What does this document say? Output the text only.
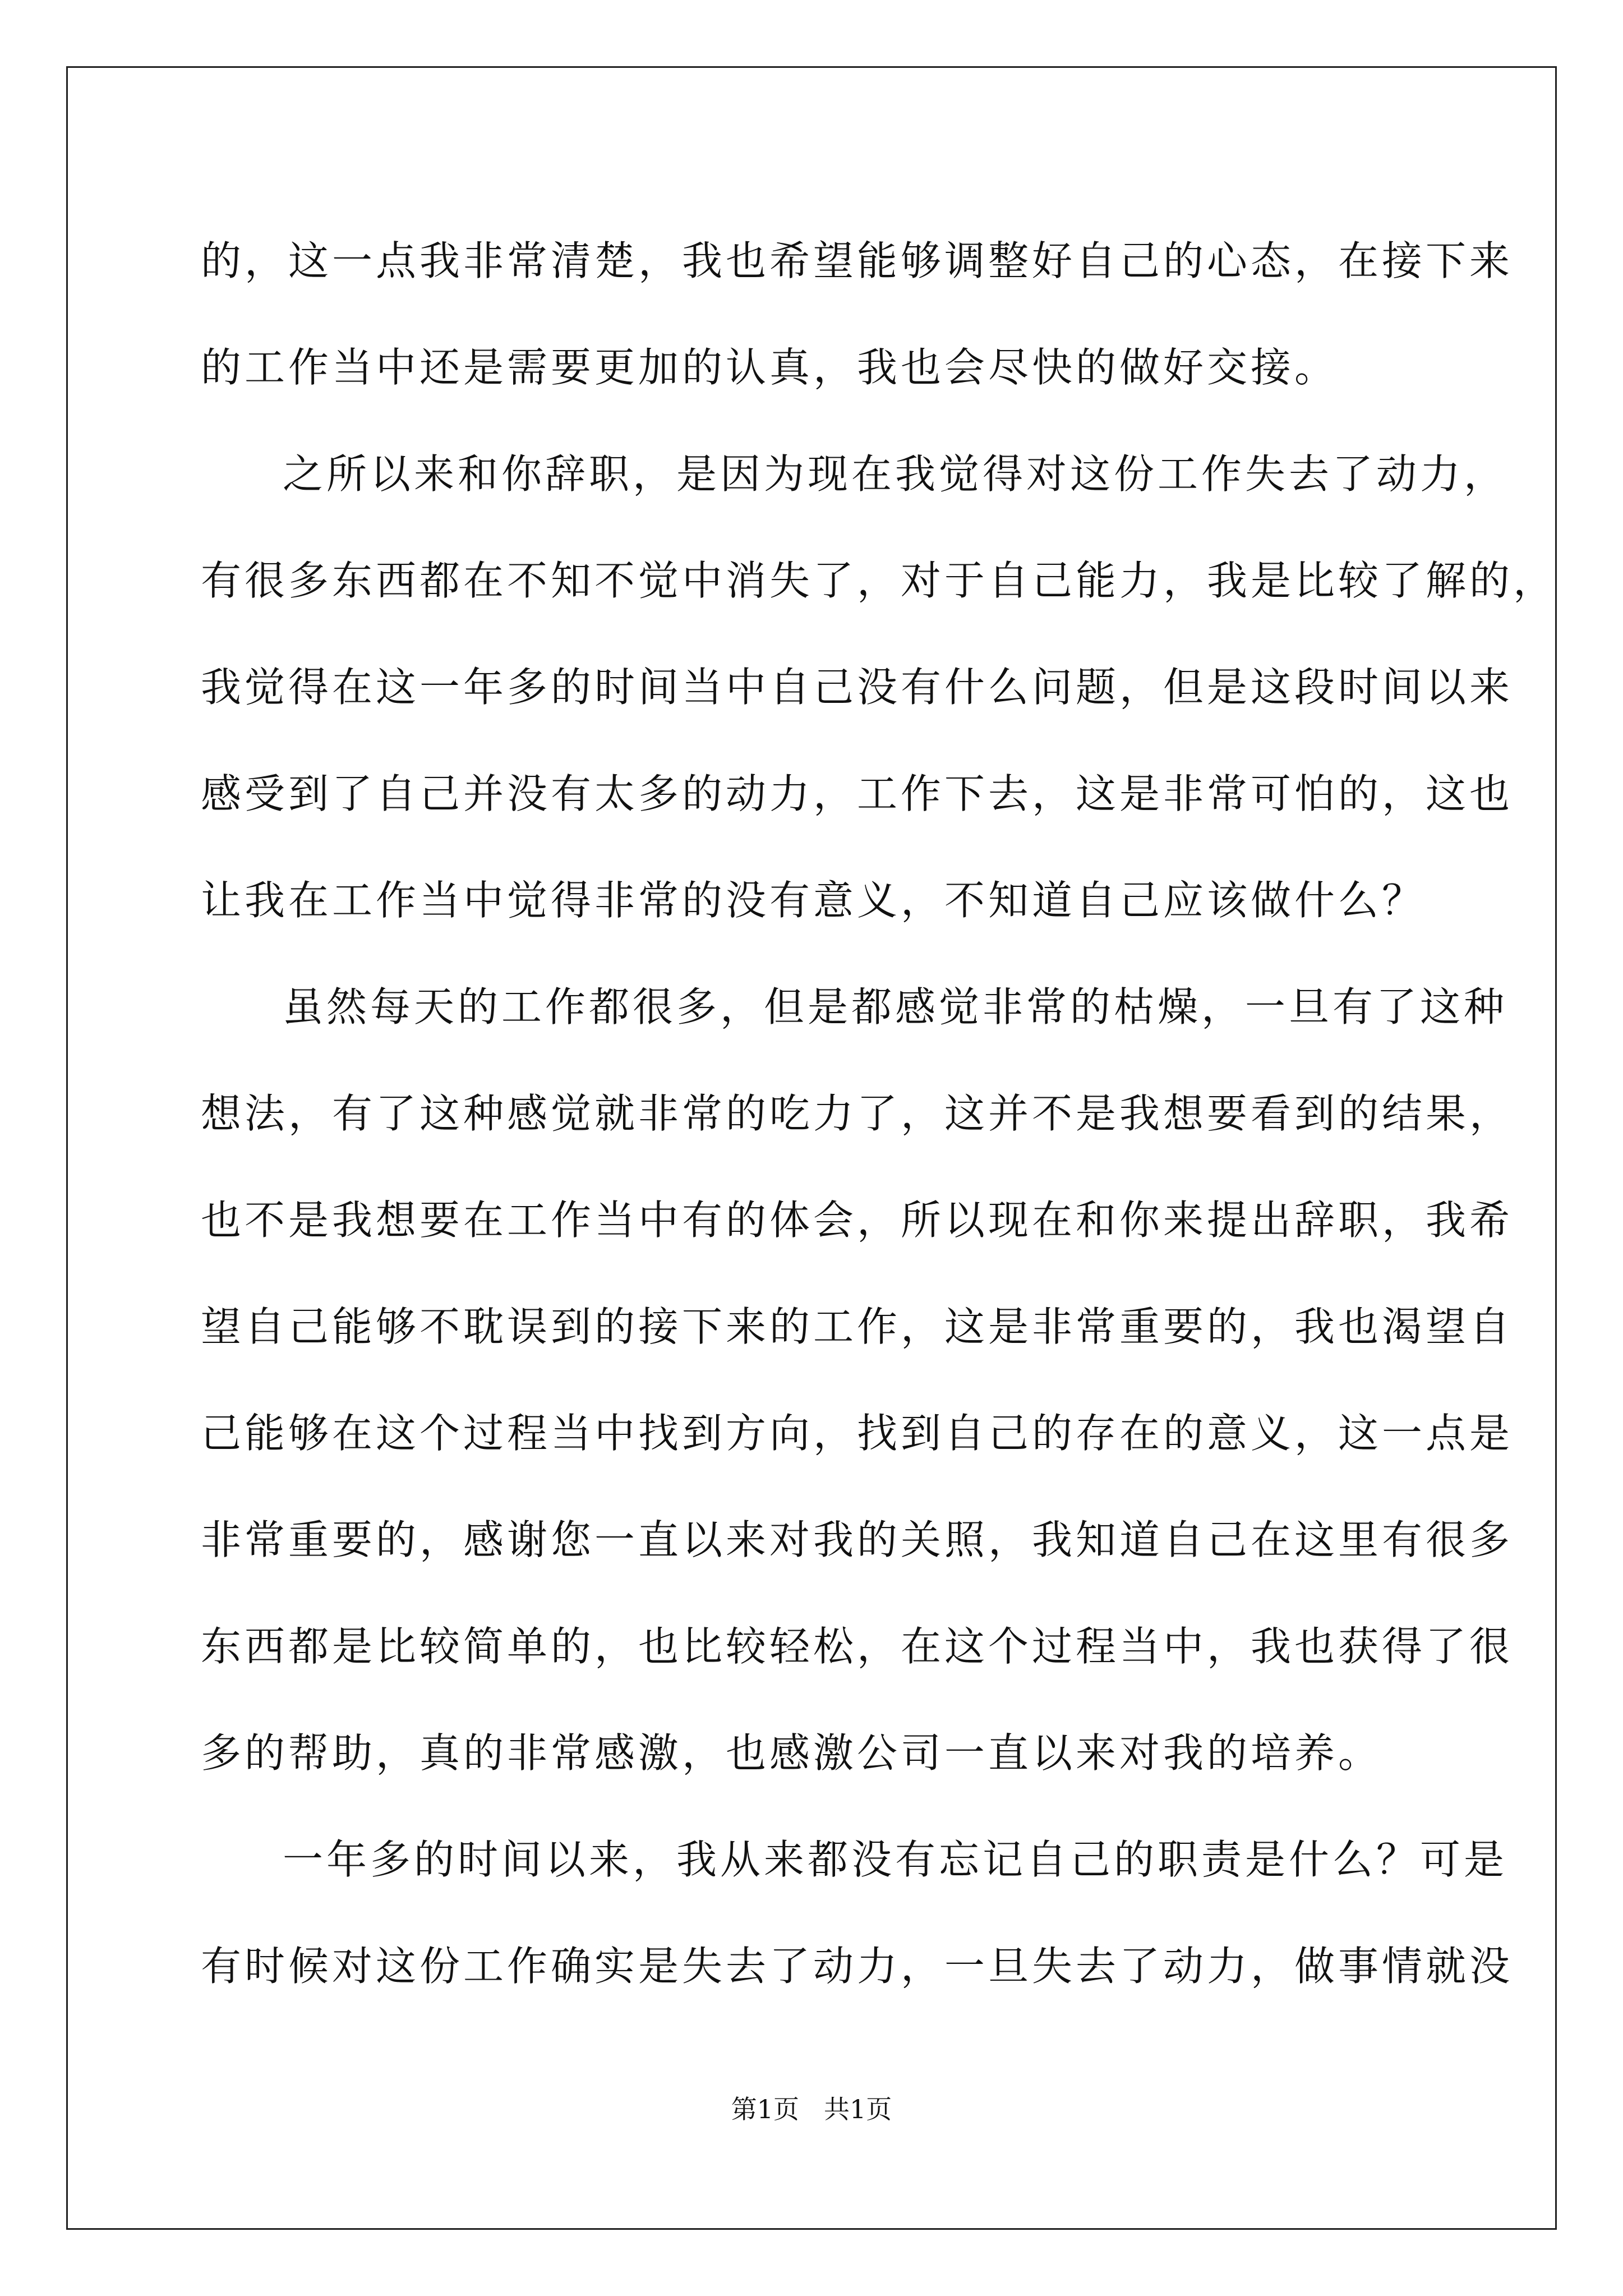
的，这一点我非常清楚，我也希望能够调整好自己的心态，在接下来
的工作当中还是需要更加的认真，我也会尽快的做好交接。
之所以来和你辞职，是因为现在我觉得对这份工作失去了动力，
有很多东西都在不知不觉中消失了，对于自己能力，我是比较了解的，
我觉得在这一年多的时间当中自己没有什么问题，但是这段时间以来
感受到了自己并没有太多的动力，工作下去，这是非常可怕的，这也
让我在工作当中觉得非常的没有意义，不知道自己应该做什么？
虽然每天的工作都很多，但是都感觉非常的枯燥，一旦有了这种
想法，有了这种感觉就非常的吃力了，这并不是我想要看到的结果，
也不是我想要在工作当中有的体会，所以现在和你来提出辞职，我希
望自己能够不耽误到的接下来的工作，这是非常重要的，我也渴望自
己能够在这个过程当中找到方向，找到自己的存在的意义，这一点是
非常重要的，感谢您一直以来对我的关照，我知道自己在这里有很多
东西都是比较简单的，也比较轻松，在这个过程当中，我也获得了很
多的帮助，真的非常感激，也感激公司一直以来对我的培养。
一年多的时间以来，我从来都没有忘记自己的职责是什么？可是
有时候对这份工作确实是失去了动力，一旦失去了动力，做事情就没
第1页 共1页
